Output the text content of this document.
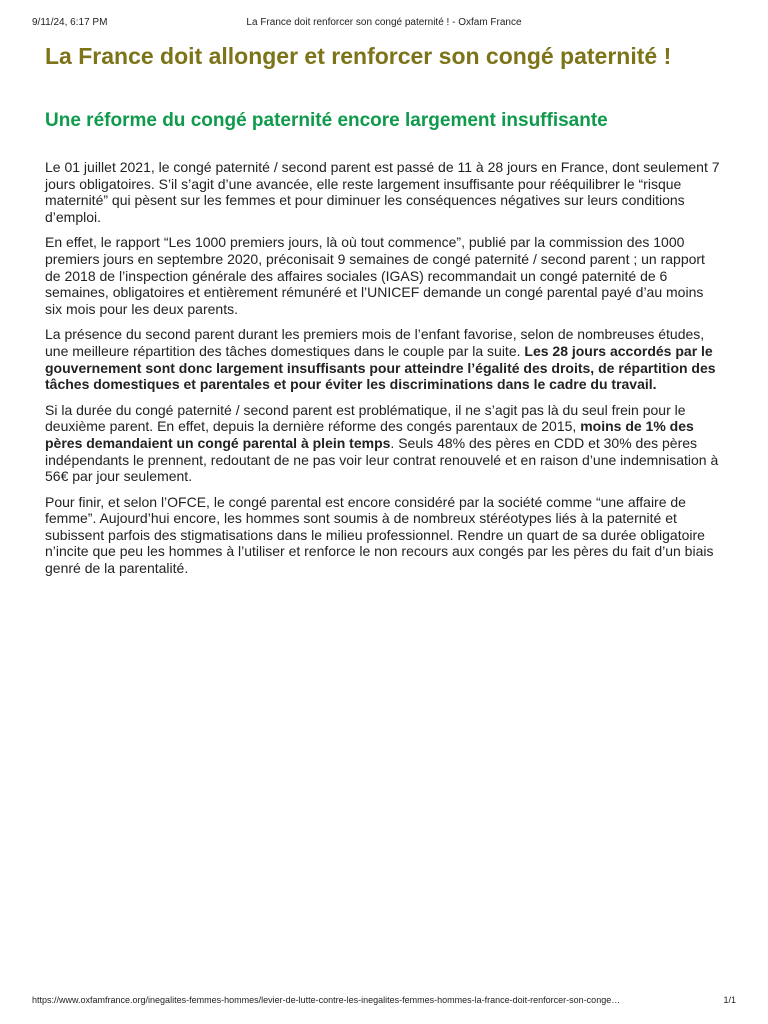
9/11/24, 6:17 PM	La France doit renforcer son congé paternité ! - Oxfam France
La France doit allonger et renforcer son congé paternité !
Une réforme du congé paternité encore largement insuffisante

Le 01 juillet 2021, le congé paternité / second parent est passé de 11 à 28 jours en France, dont seulement 7 jours obligatoires. S’il s’agit d’une avancée, elle reste largement insuffisante pour rééquilibrer le “risque maternité” qui pèsent sur les femmes et pour diminuer les conséquences négatives sur leurs conditions d’emploi.

En effet, le rapport “Les 1000 premiers jours, là où tout commence”, publié par la commission des 1000 premiers jours en septembre 2020, préconisait 9 semaines de congé paternité / second parent ; un rapport de 2018 de l’inspection générale des affaires sociales (IGAS) recommandait un congé paternité de 6 semaines, obligatoires et entièrement rémunéré et l’UNICEF demande un congé parental payé d’au moins six mois pour les deux parents.

La présence du second parent durant les premiers mois de l’enfant favorise, selon de nombreuses études, une meilleure répartition des tâches domestiques dans le couple par la suite. Les 28 jours accordés par le gouvernement sont donc largement insuffisants pour atteindre l’égalité des droits, de répartition des tâches domestiques et parentales et pour éviter les discriminations dans le cadre du travail.

Si la durée du congé paternité / second parent est problématique, il ne s’agit pas là du seul frein pour le deuxième parent. En effet, depuis la dernière réforme des congés parentaux de 2015, moins de 1% des pères demandaient un congé parental à plein temps. Seuls 48% des pères en CDD et 30% des pères indépendants le prennent, redoutant de ne pas voir leur contrat renouvelé et en raison d’une indemnisation à 56€ par jour seulement.

Pour finir, et selon l’OFCE, le congé parental est encore considéré par la société comme “une affaire de femme”. Aujourd’hui encore, les hommes sont soumis à de nombreux stéréotypes liés à la paternité et subissent parfois des stigmatisations dans le milieu professionnel. Rendre un quart de sa durée obligatoire n’incite que peu les hommes à l’utiliser et renforce le non recours aux congés par les pères du fait d’un biais genré de la parentalité.

https://www.oxfamfrance.org/inegalites-femmes-hommes/levier-de-lutte-contre-les-inegalites-femmes-hommes-la-france-doit-renforcer-son-conge…	1/1
